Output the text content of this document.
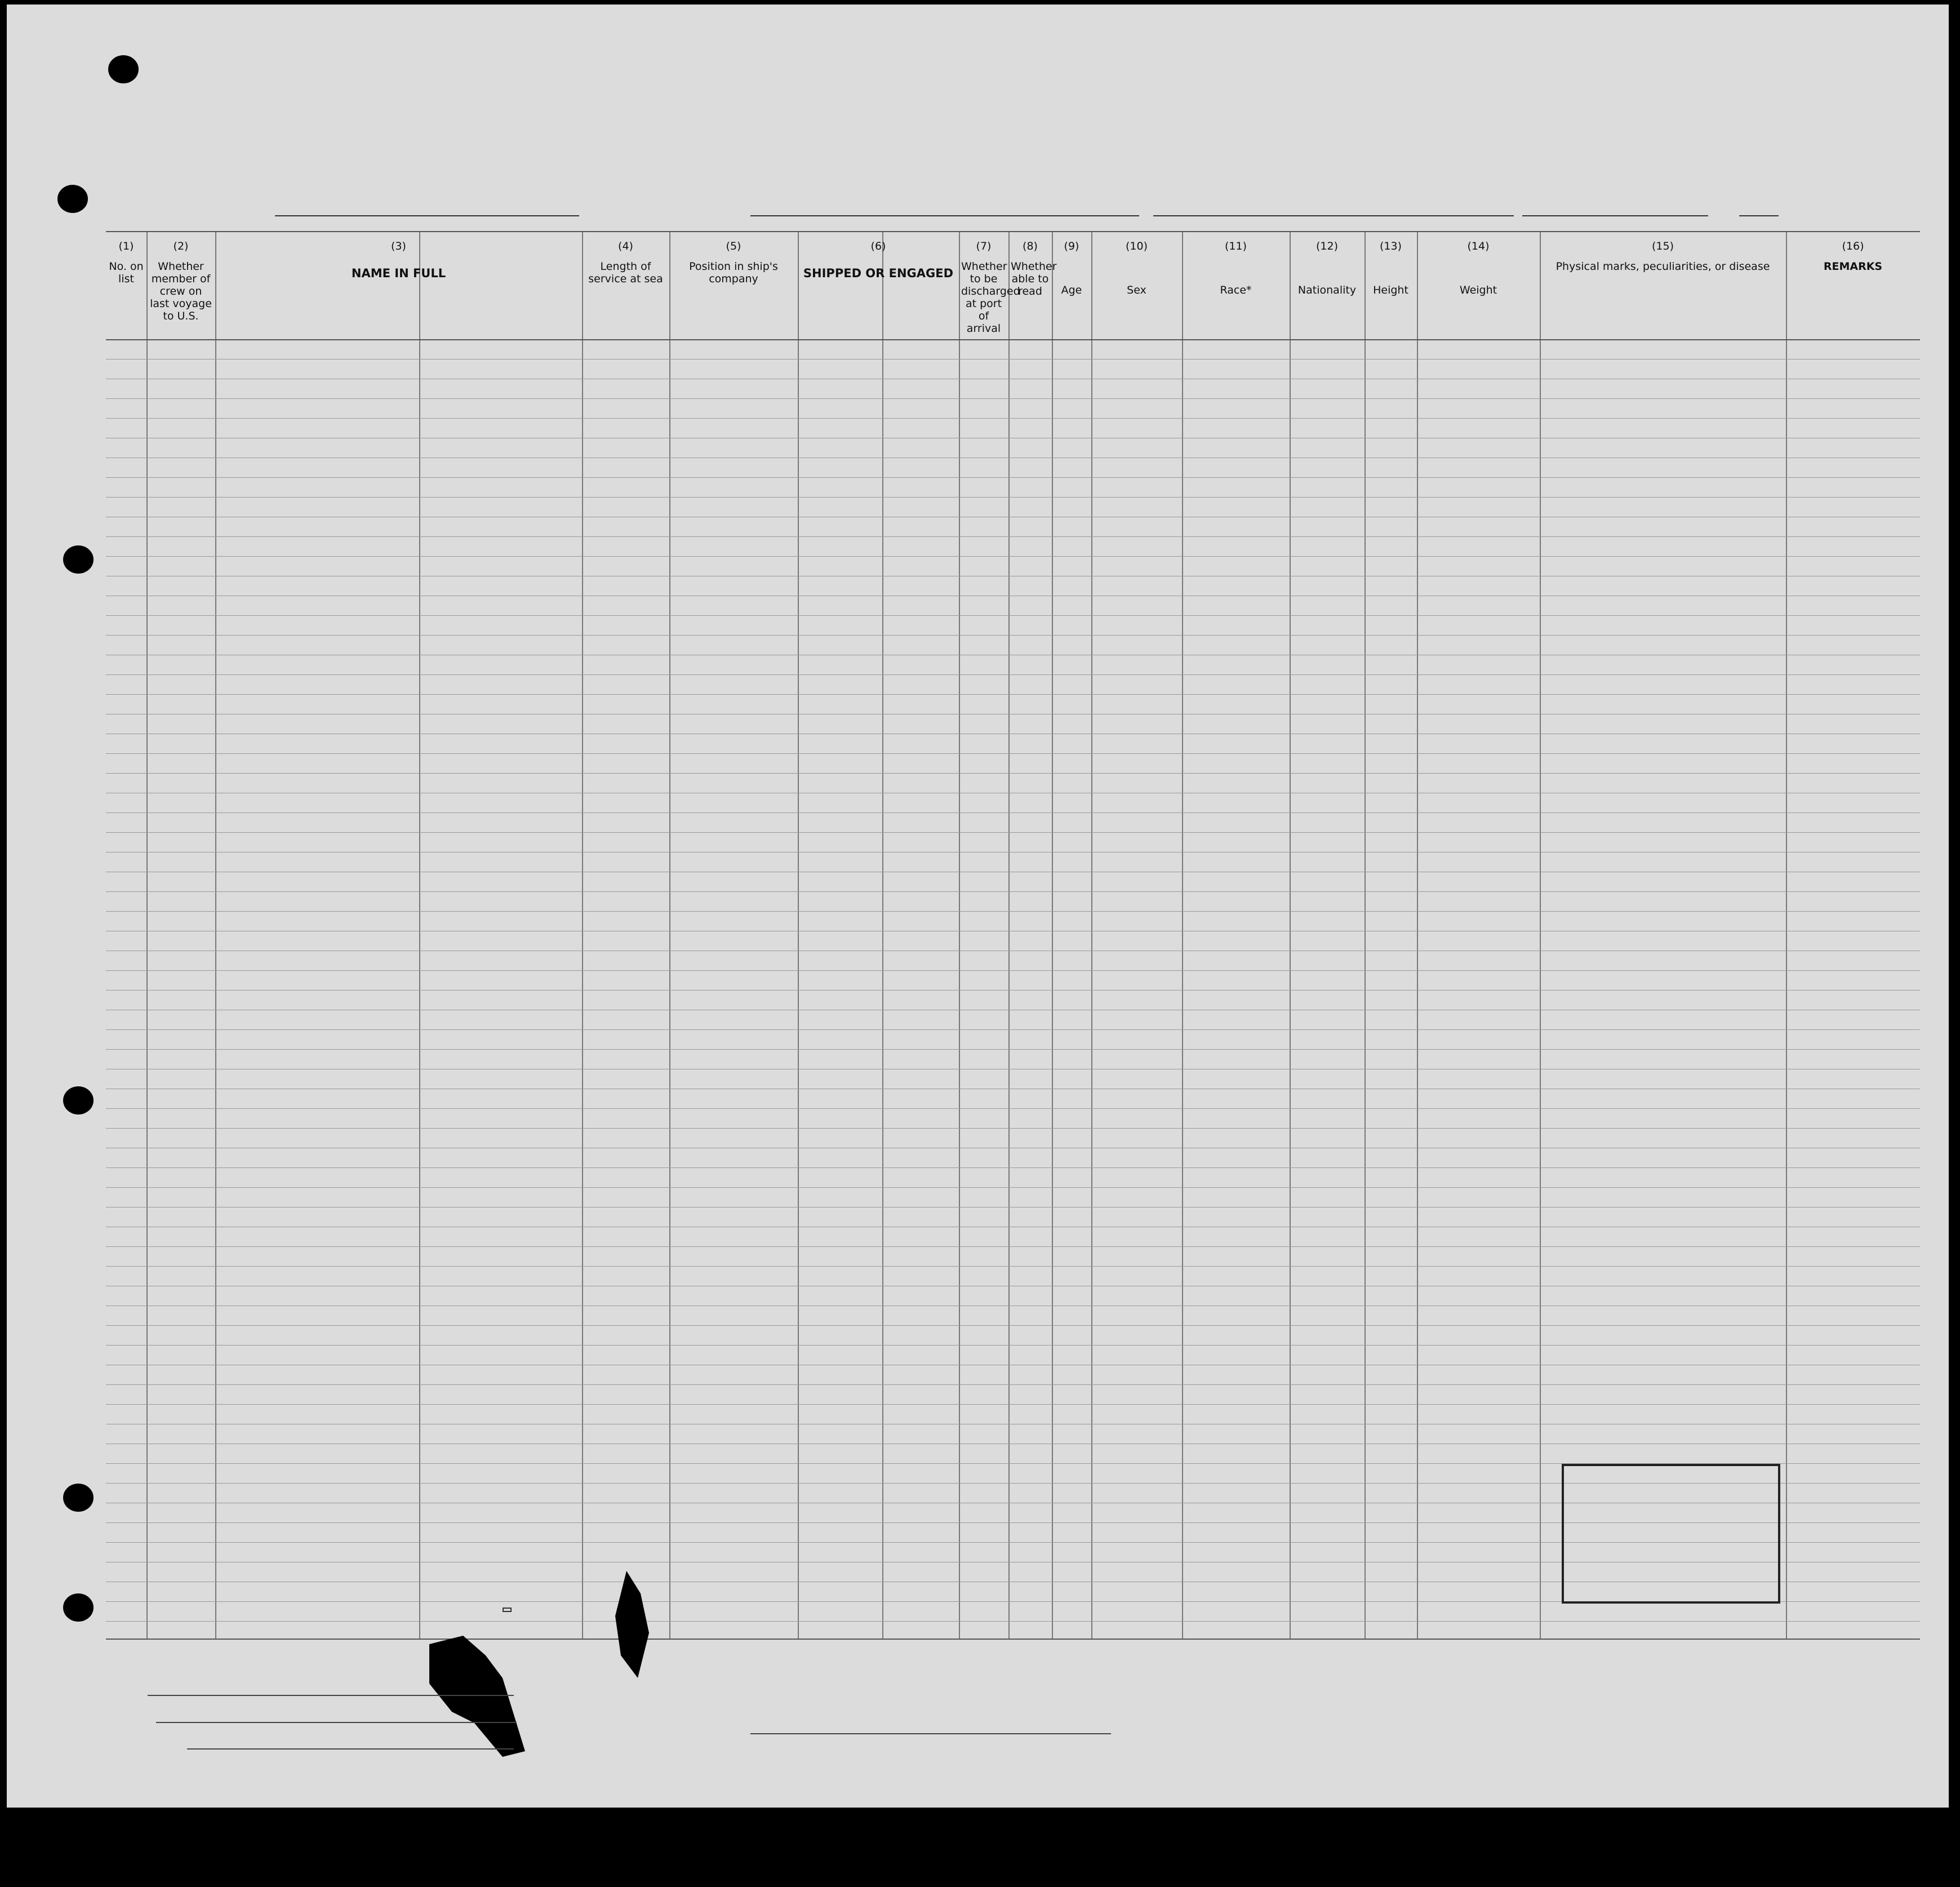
(1)
No. on list
(2)
Whether member of crew on last voyage to U.S.
(3)
NAME IN FULL
(4)
Length of service at sea
(5)
Position in ship's company
(6)
SHIPPED OR ENGAGED
(7)
Whether to be discharged at port of arrival
(8)
Whether able to read
(9)
Age
(10)
Sex
(11)
Race*
(12)
Nationality
(13)
Height
(14)
Weight
(15)
Physical marks, peculiarities, or disease
(16)
REMARKS
